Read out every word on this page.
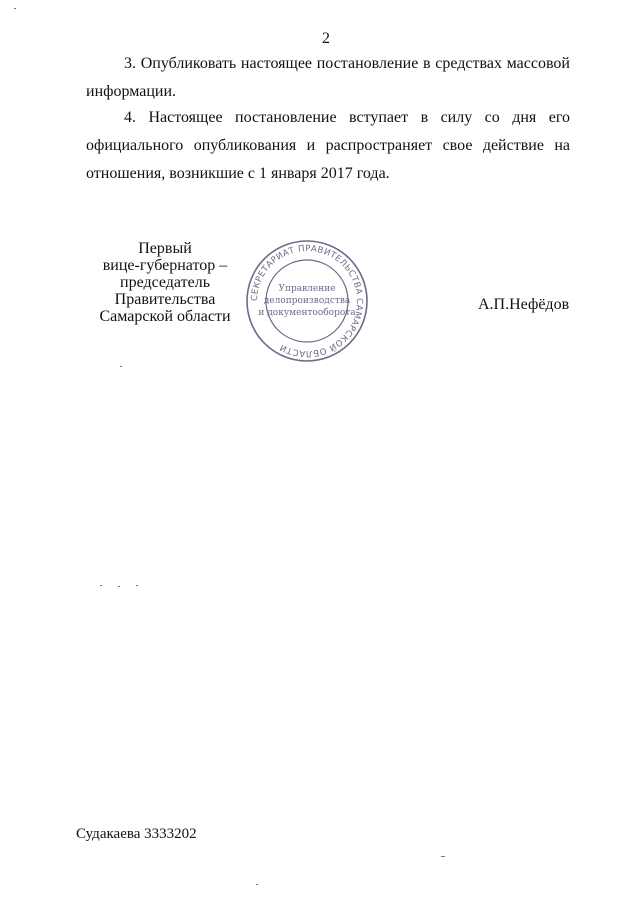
2
3. Опубликовать настоящее постановление в средствах массовой информации.
4. Настоящее постановление вступает в силу со дня его официального опубликования и распространяет свое действие на отношения, возникшие с 1 января 2017 года.
Первый
вице-губернатор –
председатель Правительства
Самарской области
СЕКРЕТАРИАТ ПРАВИТЕЛЬСТВА САМАРСКОЙ ОБЛАСТИ
Управление
делопроизводства
и документооборота	А.П.Нефёдов
Судакаева 3333202
